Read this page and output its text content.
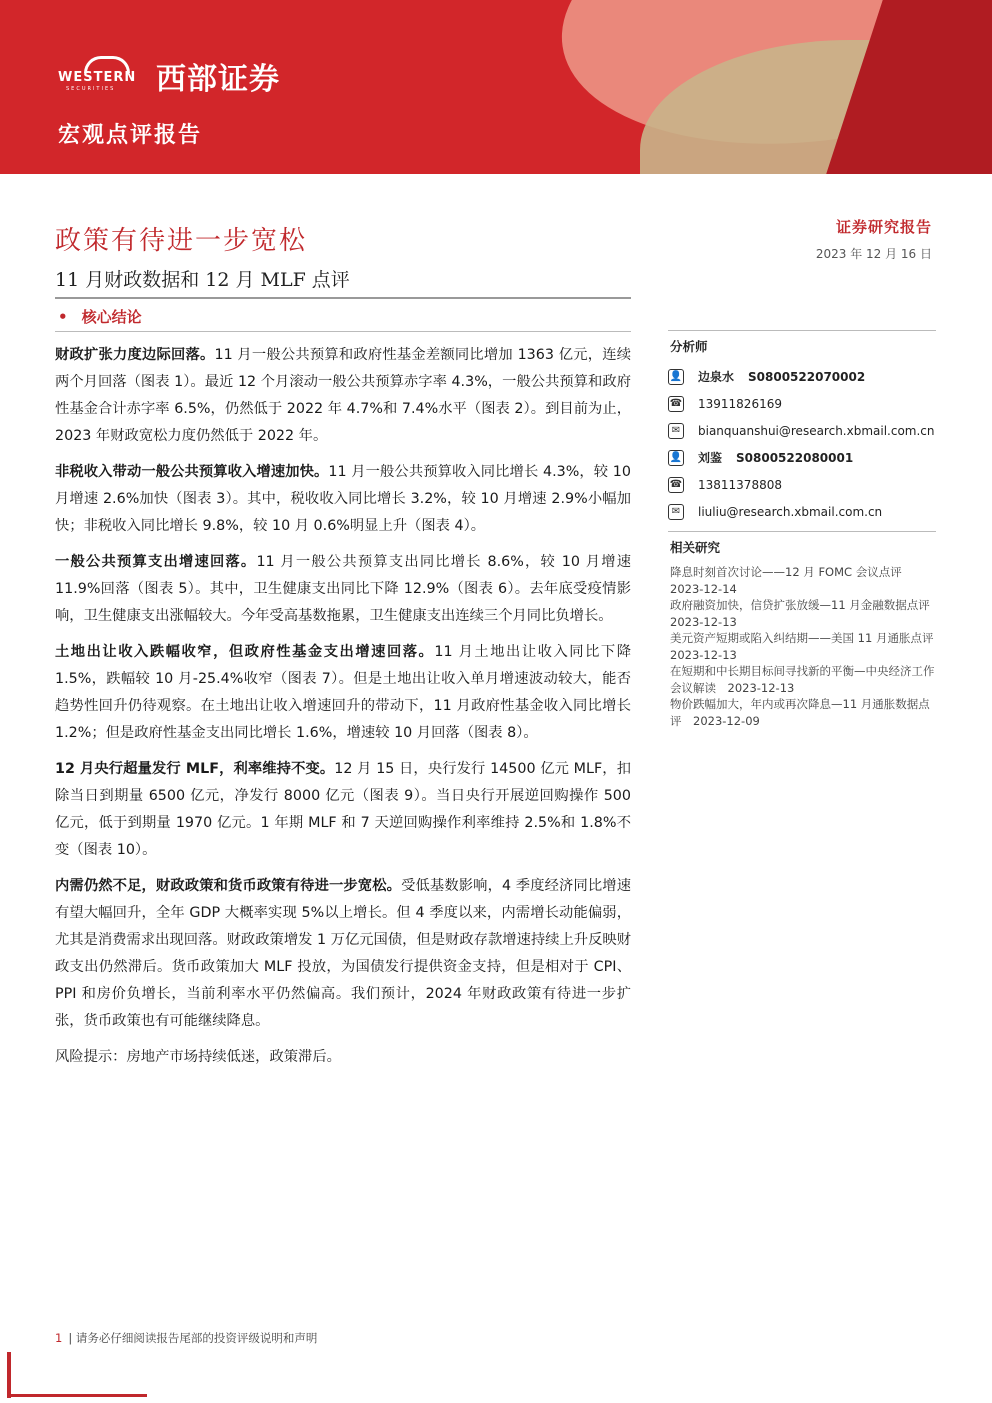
WESTERN
SECURITIES 西部证券
宏观点评报告
政策有待进一步宽松
11 月财政数据和 12 月 MLF 点评
• 核心结论
证券研究报告
2023 年 12 月 16 日

财政扩张力度边际回落。11 月一般公共预算和政府性基金差额同比增加 1363 亿元，连续两个月回落（图表 1）。最近 12 个月滚动一般公共预算赤字率 4.3%，一般公共预算和政府性基金合计赤字率 6.5%，仍然低于 2022 年 4.7%和 7.4%水平（图表 2）。到目前为止，2023 年财政宽松力度仍然低于 2022 年。

非税收入带动一般公共预算收入增速加快。11 月一般公共预算收入同比增长 4.3%，较 10 月增速 2.6%加快（图表 3）。其中，税收收入同比增长 3.2%，较 10 月增速 2.9%小幅加快；非税收入同比增长 9.8%，较 10 月 0.6%明显上升（图表 4）。

一般公共预算支出增速回落。11 月一般公共预算支出同比增长 8.6%，较 10 月增速 11.9%回落（图表 5）。其中，卫生健康支出同比下降 12.9%（图表 6）。去年底受疫情影响，卫生健康支出涨幅较大。今年受高基数拖累，卫生健康支出连续三个月同比负增长。

土地出让收入跌幅收窄，但政府性基金支出增速回落。11 月土地出让收入同比下降 1.5%，跌幅较 10 月-25.4%收窄（图表 7）。但是土地出让收入单月增速波动较大，能否趋势性回升仍待观察。在土地出让收入增速回升的带动下，11 月政府性基金收入同比增长 1.2%；但是政府性基金支出同比增长 1.6%，增速较 10 月回落（图表 8）。

12 月央行超量发行 MLF，利率维持不变。12 月 15 日，央行发行 14500 亿元 MLF，扣除当日到期量 6500 亿元，净发行 8000 亿元（图表 9）。当日央行开展逆回购操作 500 亿元，低于到期量 1970 亿元。1 年期 MLF 和 7 天逆回购操作利率维持 2.5%和 1.8%不变（图表 10）。

内需仍然不足，财政政策和货币政策有待进一步宽松。受低基数影响，4 季度经济同比增速有望大幅回升，全年 GDP 大概率实现 5%以上增长。但 4 季度以来，内需增长动能偏弱，尤其是消费需求出现回落。财政政策增发 1 万亿元国债，但是财政存款增速持续上升反映财政支出仍然滞后。货币政策加大 MLF 投放，为国债发行提供资金支持，但是相对于 CPI、PPI 和房价负增长，当前利率水平仍然偏高。我们预计，2024 年财政政策有待进一步扩张，货币政策也有可能继续降息。

风险提示：房地产市场持续低迷，政策滞后。

分析师
👤 边泉水 S0800522070002
☎ 13911826169
✉	bianquanshui@research.xbmail.com.cn
👤 刘鉴 S0800522080001
☎ 13811378808
✉	liuliu@research.xbmail.com.cn
相关研究
降息时刻首次讨论——12 月 FOMC 会议点评　2023-12-14
政府融资加快，信贷扩张放缓—11 月金融数据点评　2023-12-13
美元资产短期或陷入纠结期——美国 11 月通胀点评　2023-12-13
在短期和中长期目标间寻找新的平衡—中央经济工作会议解读　2023-12-13
物价跌幅加大，年内或再次降息—11 月通胀数据点评　2023-12-09
1 | 请务必仔细阅读报告尾部的投资评级说明和声明
